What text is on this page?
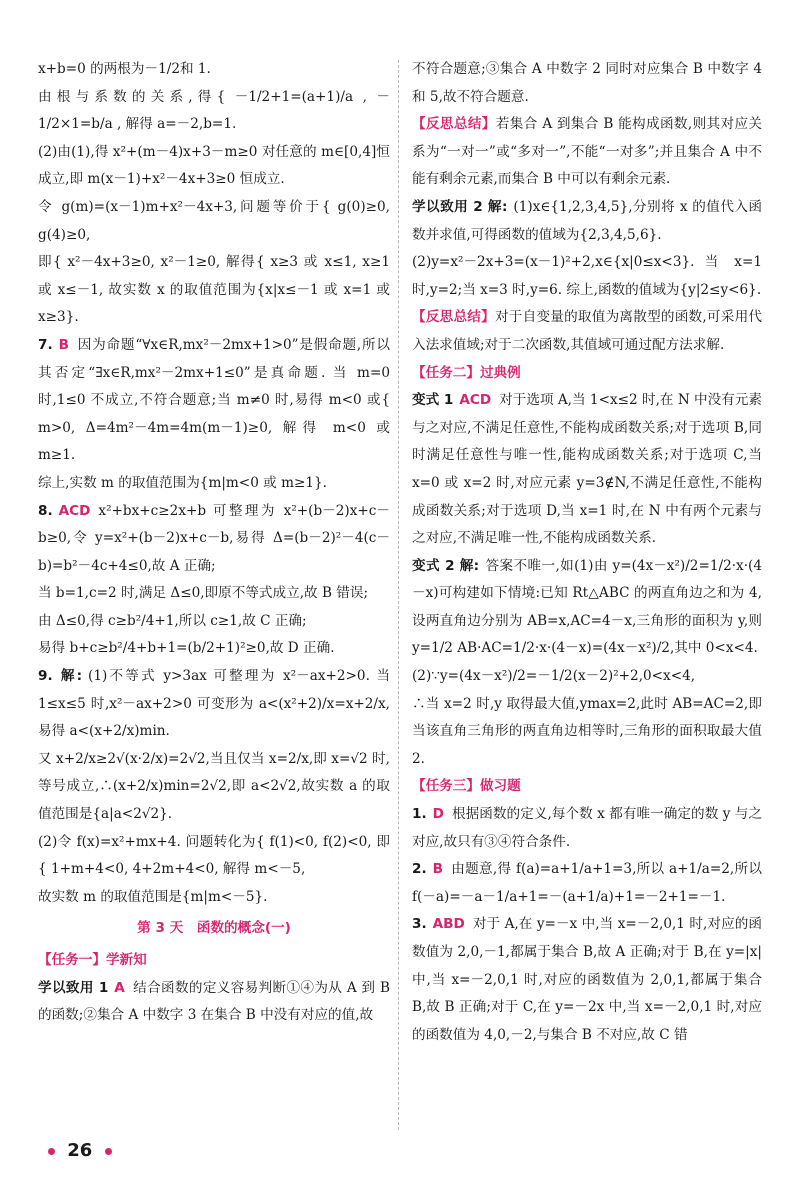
x+b=0 的两根为－1/2和 1.

由根与系数的关系,得{ －1/2+1=(a+1)/a , －1/2×1=b/a , 解得 a=－2,b=1.

(2)由(1),得 x²+(m－4)x+3－m≥0 对任意的 m∈[0,4]恒成立,即 m(x－1)+x²－4x+3≥0 恒成立.

令 g(m)=(x－1)m+x²－4x+3,问题等价于{ g(0)≥0, g(4)≥0,

即{ x²－4x+3≥0, x²－1≥0, 解得{ x≥3 或 x≤1, x≥1 或 x≤－1, 故实数 x 的取值范围为{x|x≤－1 或 x=1 或 x≥3}.

7. B 因为命题“∀x∈R,mx²－2mx+1>0”是假命题,所以其否定“∃x∈R,mx²－2mx+1≤0”是真命题. 当 m=0 时,1≤0 不成立,不符合题意;当 m≠0 时,易得 m<0 或{ m>0, Δ=4m²－4m=4m(m－1)≥0, 解得 m<0 或 m≥1.

综上,实数 m 的取值范围为{m|m<0 或 m≥1}.

8. ACD x²+bx+c≥2x+b 可整理为 x²+(b－2)x+c－b≥0,令 y=x²+(b－2)x+c－b,易得 Δ=(b－2)²－4(c－b)=b²－4c+4≤0,故 A 正确;

当 b=1,c=2 时,满足 Δ≤0,即原不等式成立,故 B 错误;

由 Δ≤0,得 c≥b²/4+1,所以 c≥1,故 C 正确;

易得 b+c≥b²/4+b+1=(b/2+1)²≥0,故 D 正确.

9. 解: (1)不等式 y>3ax 可整理为 x²－ax+2>0. 当 1≤x≤5 时,x²－ax+2>0 可变形为 a<(x²+2)/x=x+2/x,易得 a<(x+2/x)min.

又 x+2/x≥2√(x·2/x)=2√2,当且仅当 x=2/x,即 x=√2 时,等号成立,∴(x+2/x)min=2√2,即 a<2√2,故实数 a 的取值范围是{a|a<2√2}.

(2)令 f(x)=x²+mx+4. 问题转化为{ f(1)<0, f(2)<0, 即{ 1+m+4<0, 4+2m+4<0, 解得 m<－5,

故实数 m 的取值范围是{m|m<－5}.

第 3 天　函数的概念(一)

【任务一】学新知

学以致用 1 A 结合函数的定义容易判断①④为从 A 到 B 的函数;②集合 A 中数字 3 在集合 B 中没有对应的值,故

不符合题意;③集合 A 中数字 2 同时对应集合 B 中数字 4 和 5,故不符合题意.

【反思总结】若集合 A 到集合 B 能构成函数,则其对应关系为“一对一”或“多对一”,不能“一对多”;并且集合 A 中不能有剩余元素,而集合 B 中可以有剩余元素.

学以致用 2 解: (1)x∈{1,2,3,4,5},分别将 x 的值代入函数并求值,可得函数的值域为{2,3,4,5,6}.

(2)y=x²－2x+3=(x－1)²+2,x∈{x|0≤x<3}. 当 x=1 时,y=2;当 x=3 时,y=6. 综上,函数的值域为{y|2≤y<6}.

【反思总结】对于自变量的取值为离散型的函数,可采用代入法求值域;对于二次函数,其值域可通过配方法求解.

【任务二】过典例

变式 1 ACD 对于选项 A,当 1<x≤2 时,在 N 中没有元素与之对应,不满足任意性,不能构成函数关系;对于选项 B,同时满足任意性与唯一性,能构成函数关系;对于选项 C,当 x=0 或 x=2 时,对应元素 y=3∉N,不满足任意性,不能构成函数关系;对于选项 D,当 x=1 时,在 N 中有两个元素与之对应,不满足唯一性,不能构成函数关系.

变式 2 解: 答案不唯一,如(1)由 y=(4x－x²)/2=1/2·x·(4－x)可构建如下情境:已知 Rt△ABC 的两直角边之和为 4,设两直角边分别为 AB=x,AC=4－x,三角形的面积为 y,则 y=1/2 AB·AC=1/2·x·(4－x)=(4x－x²)/2,其中 0<x<4.

(2)∵y=(4x－x²)/2=－1/2(x－2)²+2,0<x<4,

∴当 x=2 时,y 取得最大值,ymax=2,此时 AB=AC=2,即当该直角三角形的两直角边相等时,三角形的面积取最大值 2.

【任务三】做习题

1. D 根据函数的定义,每个数 x 都有唯一确定的数 y 与之对应,故只有③④符合条件.

2. B 由题意,得 f(a)=a+1/a+1=3,所以 a+1/a=2,所以 f(－a)=－a－1/a+1=－(a+1/a)+1=－2+1=－1.

3. ABD 对于 A,在 y=－x 中,当 x=－2,0,1 时,对应的函数值为 2,0,－1,都属于集合 B,故 A 正确;对于 B,在 y=|x|中,当 x=－2,0,1 时,对应的函数值为 2,0,1,都属于集合 B,故 B 正确;对于 C,在 y=－2x 中,当 x=－2,0,1 时,对应的函数值为 4,0,－2,与集合 B 不对应,故 C 错

26
